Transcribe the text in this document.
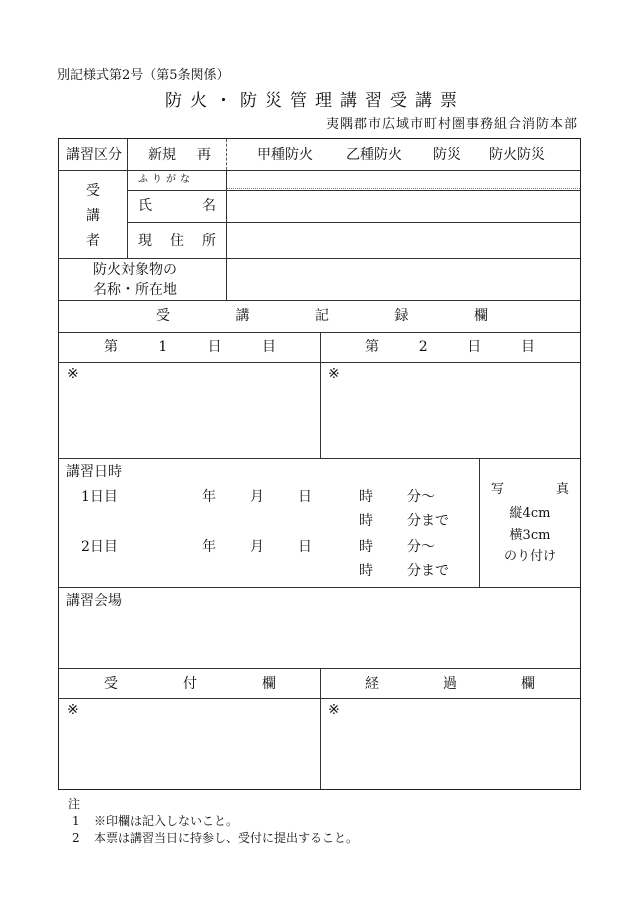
別記様式第2号（第5条関係）
防火・防災管理講習受講票
夷隅郡市広域市町村圏事務組合消防本部
講習区分 新規 再	甲種防火 乙種防火 防災 防火防災
受講者
ふりがな
氏	名
現 住 所
防火対象物の
名称・所在地
受	講	記	録	欄
第	1	日	目	第	2	日	目
※	※
講習日時
1日目	年 月 日	時 分～
時 分まで
2日目	年 月 日	時 分～
時 分まで
写	真
縦4cm
横3cm
のり付け
講習会場
受	付	欄	経	過	欄
※	※
注
1 ※印欄は記入しないこと。
2 本票は講習当日に持参し、受付に提出すること。
